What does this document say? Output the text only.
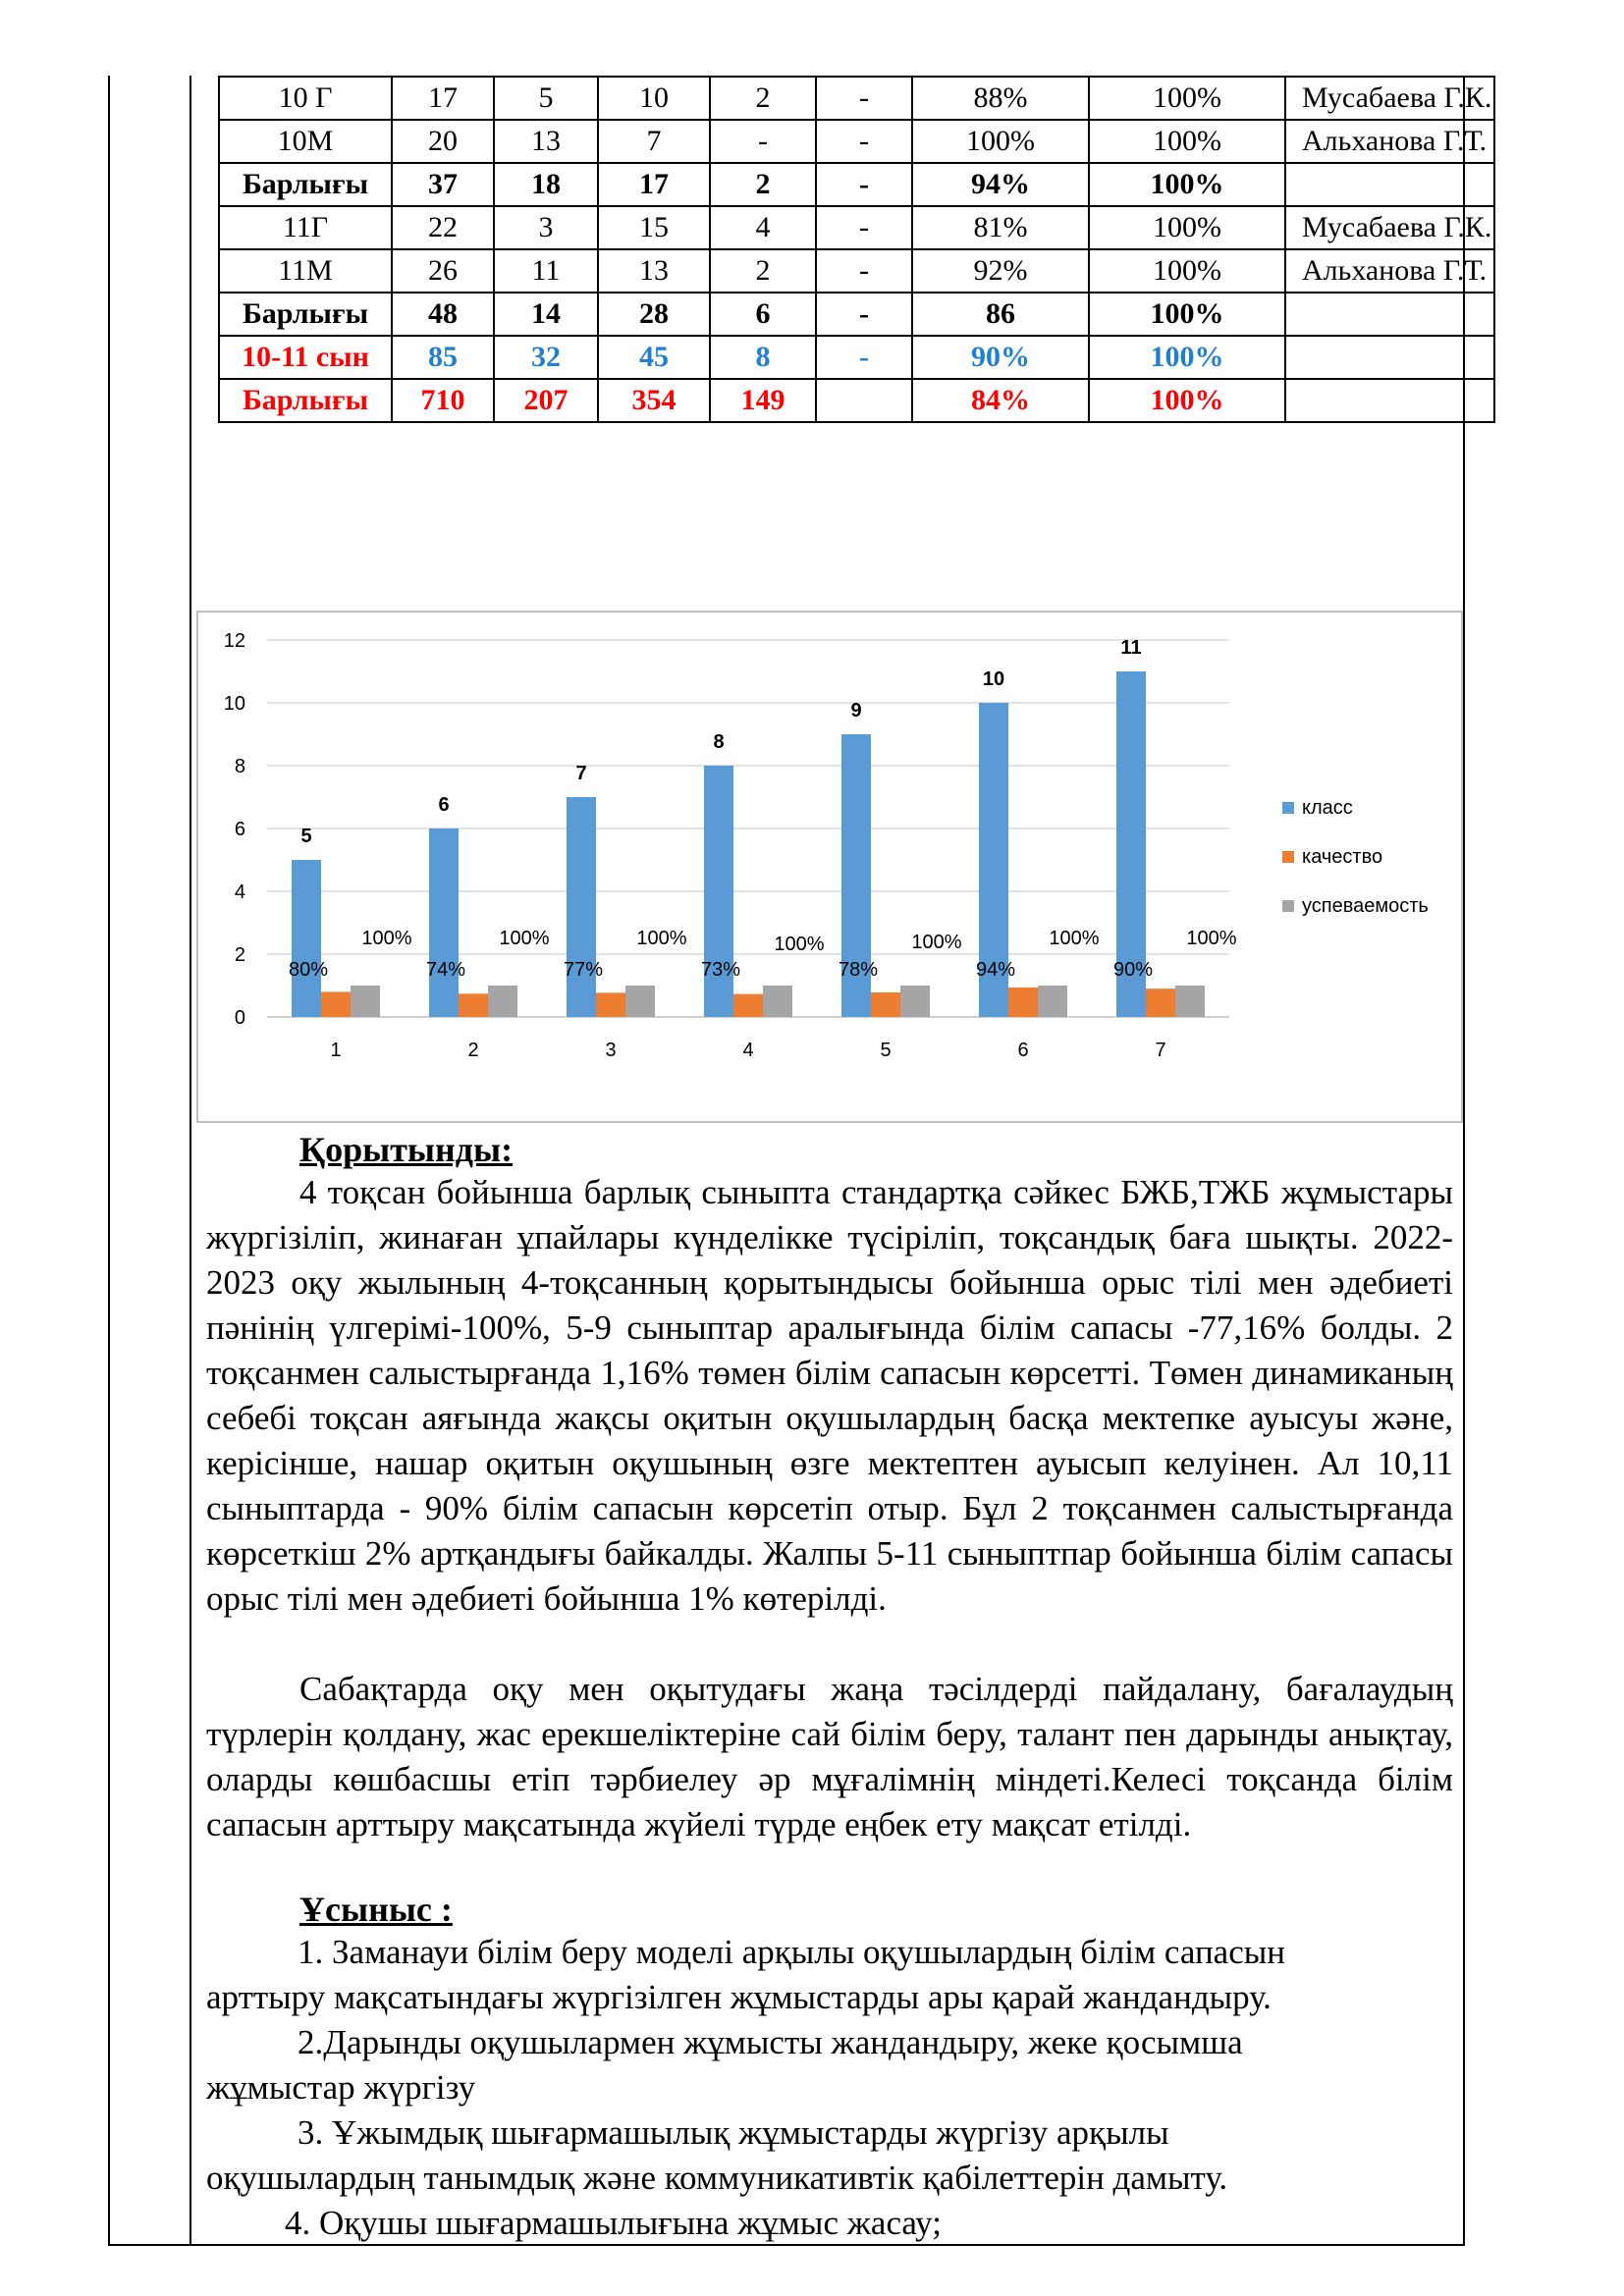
10 Г	17	5	10	2	-	88%	100%	Мусабаева Г.К.
10М	20	13	7	-	-	100%	100%	Альханова Г.Т.
Барлығы	37	18	17	2	-	94%	100%	
11Г	22	3	15	4	-	81%	100%	Мусабаева Г.К.
11М	26	11	13	2	-	92%	100%	Альханова Г.Т.
Барлығы	48	14	28	6	-	86	100%	
10-11 сын	85	32	45	8	-	90%	100%	
Барлығы	710	207	354	149		84%	100%	
0
2
4
6
8
10
12
1
5
80%
100%
2
6
74%
100%
3
7
77%
100%
4
8
73%
100%
5
9
78%
100%
6
10
94%
100%
7
11
90%
100%
класс
качество
успеваемость
Қорытынды:
4 тоқсан бойынша барлық сыныпта стандартқа сәйкес БЖБ,ТЖБ жұмыстары жүргізіліп, жинаған ұпайлары күнделікке түсіріліп, тоқсандық баға шықты. 2022-2023 оқу жылының 4-тоқсанның қорытындысы бойынша орыс тілі мен әдебиеті пәнінің үлгерімі-100%, 5-9 сыныптар аралығында білім сапасы -77,16% болды. 2 тоқсанмен салыстырғанда 1,16% төмен білім сапасын көрсетті. Төмен динамиканың себебі тоқсан аяғында жақсы оқитын оқушылардың басқа мектепке ауысуы және, керісінше, нашар оқитын оқушының өзге мектептен ауысып келуінен. Ал 10,11 сыныптарда - 90% білім сапасын көрсетіп отыр. Бұл 2 тоқсанмен салыстырғанда көрсеткіш 2% артқандығы байкалды. Жалпы 5-11 сыныптпар бойынша білім сапасы орыс тілі мен әдебиеті бойынша 1% көтерілді.
Сабақтарда оқу мен оқытудағы жаңа тәсілдерді пайдалану, бағалаудың түрлерін қолдану, жас ерекшеліктеріне сай білім беру, талант пен дарынды анықтау, оларды көшбасшы етіп тәрбиелеу әр мұғалімнің міндеті.Келесі тоқсанда білім сапасын арттыру мақсатында жүйелі түрде еңбек ету мақсат етілді.
Ұсыныс :
1. Заманауи білім беру моделі арқылы оқушылардың білім сапасын
арттыру мақсатындағы жүргізілген жұмыстарды ары қарай жандандыру.
2.Дарынды оқушылармен жұмысты жандандыру, жеке қосымша
жұмыстар жүргізу
3. Ұжымдық шығармашылық жұмыстарды жүргізу арқылы
оқушылардың танымдық және коммуникативтік қабілеттерін дамыту.
4. Оқушы шығармашылығына жұмыс жасау;
